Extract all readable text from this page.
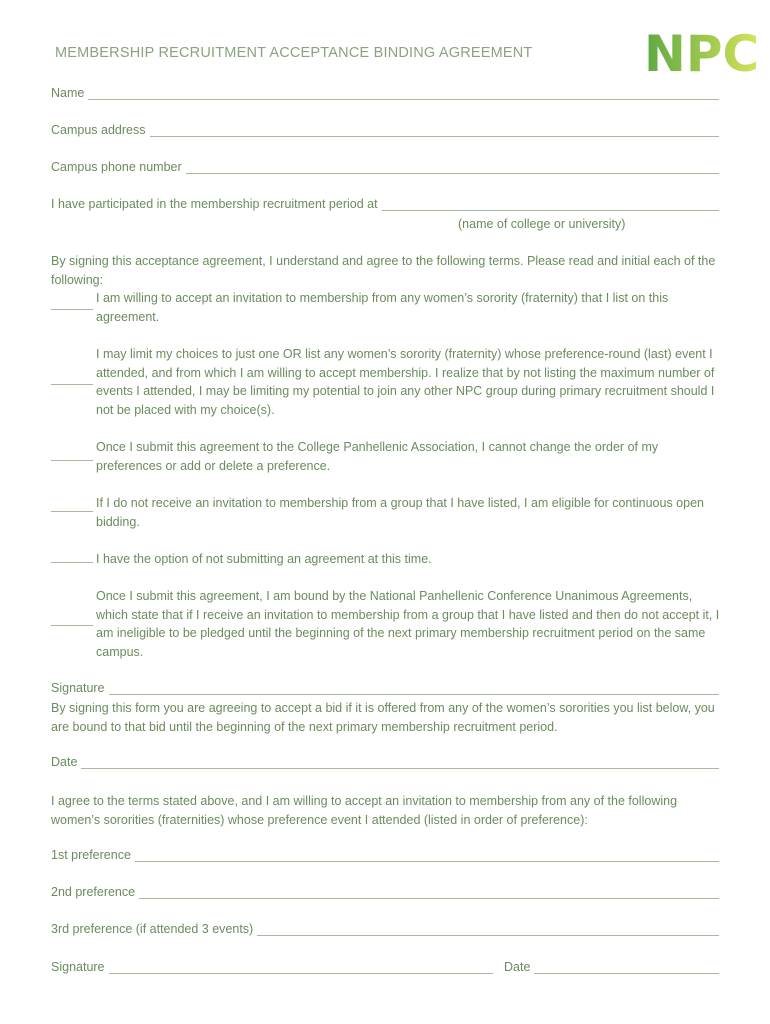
MEMBERSHIP RECRUITMENT ACCEPTANCE BINDING AGREEMENT NPC
Name
Campus address
Campus phone number
I have participated in the membership recruitment period at
(name of college or university)
By signing this acceptance agreement, I understand and agree to the following terms. Please read and initial each of the following:
I am willing to accept an invitation to membership from any women’s sorority (fraternity) that I list on this agreement.
I may limit my choices to just one OR list any women’s sorority (fraternity) whose preference-round (last) event I attended, and from which I am willing to accept membership. I realize that by not listing the maximum number of events I attended, I may be limiting my potential to join any other NPC group during primary recruitment should I not be placed with my choice(s).
Once I submit this agreement to the College Panhellenic Association, I cannot change the order of my preferences or add or delete a preference.
If I do not receive an invitation to membership from a group that I have listed, I am eligible for continuous open bidding.
I have the option of not submitting an agreement at this time.
Once I submit this agreement, I am bound by the National Panhellenic Conference Unanimous Agreements, which state that if I receive an invitation to membership from a group that I have listed and then do not accept it, I am ineligible to be pledged until the beginning of the next primary membership recruitment period on the same campus.
Signature
By signing this form you are agreeing to accept a bid if it is offered from any of the women’s sororities you list below, you are bound to that bid until the beginning of the next primary membership recruitment period.
Date
I agree to the terms stated above, and I am willing to accept an invitation to membership from any of the following women’s sororities (fraternities) whose preference event I attended (listed in order of preference):
1st preference
2nd preference
3rd preference (if attended 3 events)
Signature	Date
